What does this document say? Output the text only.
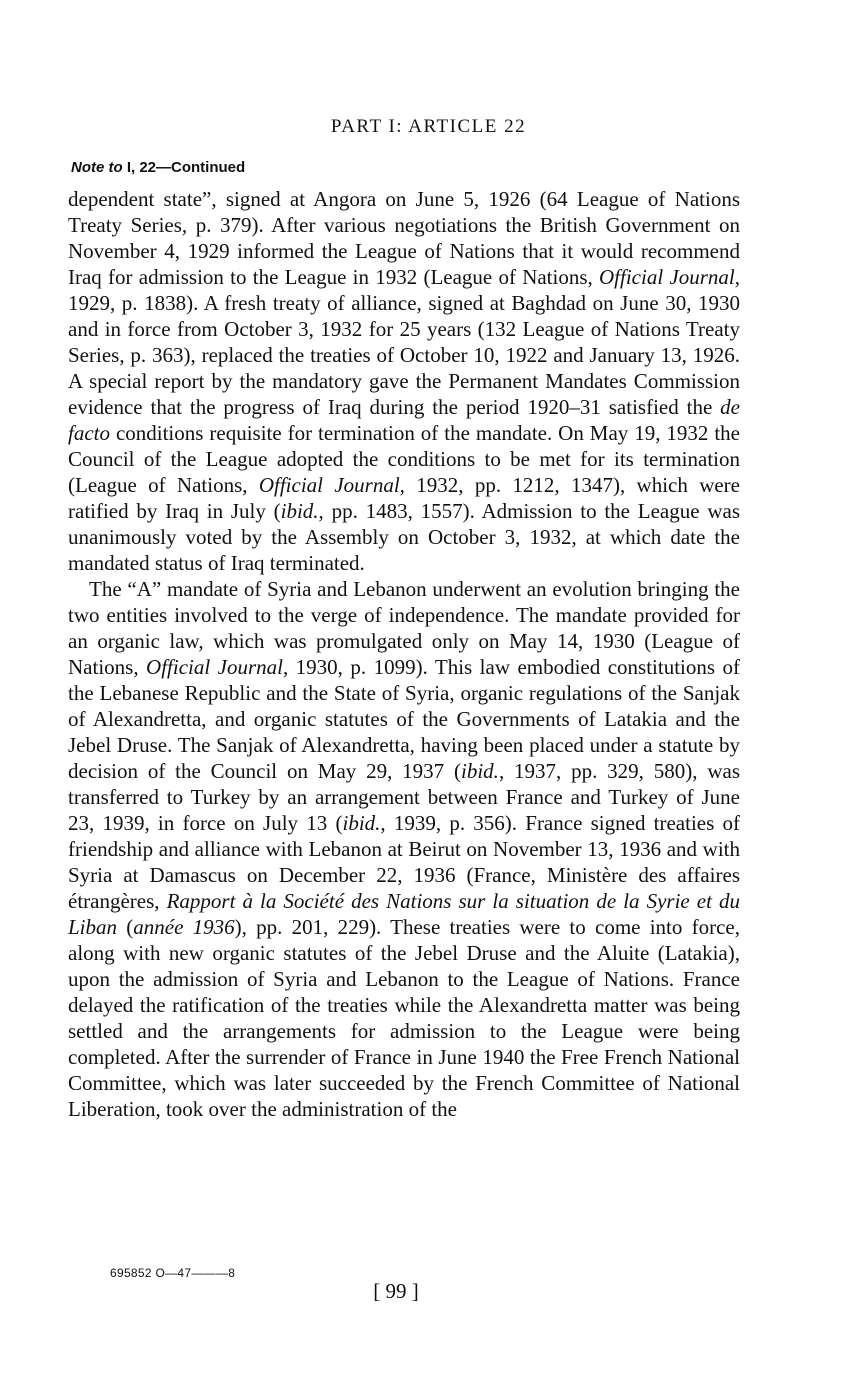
PART I: ARTICLE 22
Note to I, 22—Continued

dependent state”, signed at Angora on June 5, 1926 (64 League of Nations Treaty Series, p. 379). After various negotiations the British Government on November 4, 1929 informed the League of Nations that it would recommend Iraq for admission to the League in 1932 (League of Nations, Official Journal, 1929, p. 1838). A fresh treaty of alliance, signed at Baghdad on June 30, 1930 and in force from October 3, 1932 for 25 years (132 League of Nations Treaty Series, p. 363), replaced the treaties of October 10, 1922 and January 13, 1926. A special report by the mandatory gave the Permanent Mandates Commission evidence that the progress of Iraq during the period 1920–31 satisfied the de facto conditions requisite for termination of the mandate. On May 19, 1932 the Council of the League adopted the conditions to be met for its termination (League of Nations, Official Journal, 1932, pp. 1212, 1347), which were ratified by Iraq in July (ibid., pp. 1483, 1557). Admission to the League was unanimously voted by the Assembly on October 3, 1932, at which date the mandated status of Iraq terminated.

The “A” mandate of Syria and Lebanon underwent an evolution bringing the two entities involved to the verge of independence. The mandate provided for an organic law, which was promulgated only on May 14, 1930 (League of Nations, Official Journal, 1930, p. 1099). This law embodied constitutions of the Lebanese Republic and the State of Syria, organic regulations of the Sanjak of Alexandretta, and organic statutes of the Governments of Latakia and the Jebel Druse. The Sanjak of Alexandretta, having been placed under a statute by decision of the Council on May 29, 1937 (ibid., 1937, pp. 329, 580), was transferred to Turkey by an arrangement between France and Turkey of June 23, 1939, in force on July 13 (ibid., 1939, p. 356). France signed treaties of friendship and alliance with Lebanon at Beirut on November 13, 1936 and with Syria at Damascus on December 22, 1936 (France, Ministère des affaires étrangères, Rapport à la Société des Nations sur la situation de la Syrie et du Liban (année 1936), pp. 201, 229). These treaties were to come into force, along with new organic statutes of the Jebel Druse and the Aluite (Latakia), upon the admission of Syria and Lebanon to the League of Nations. France delayed the ratification of the treaties while the Alexandretta matter was being settled and the arrangements for admission to the League were being completed. After the surrender of France in June 1940 the Free French National Committee, which was later succeeded by the French Committee of National Liberation, took over the administration of the

695852 O—47———8
[ 99 ]
